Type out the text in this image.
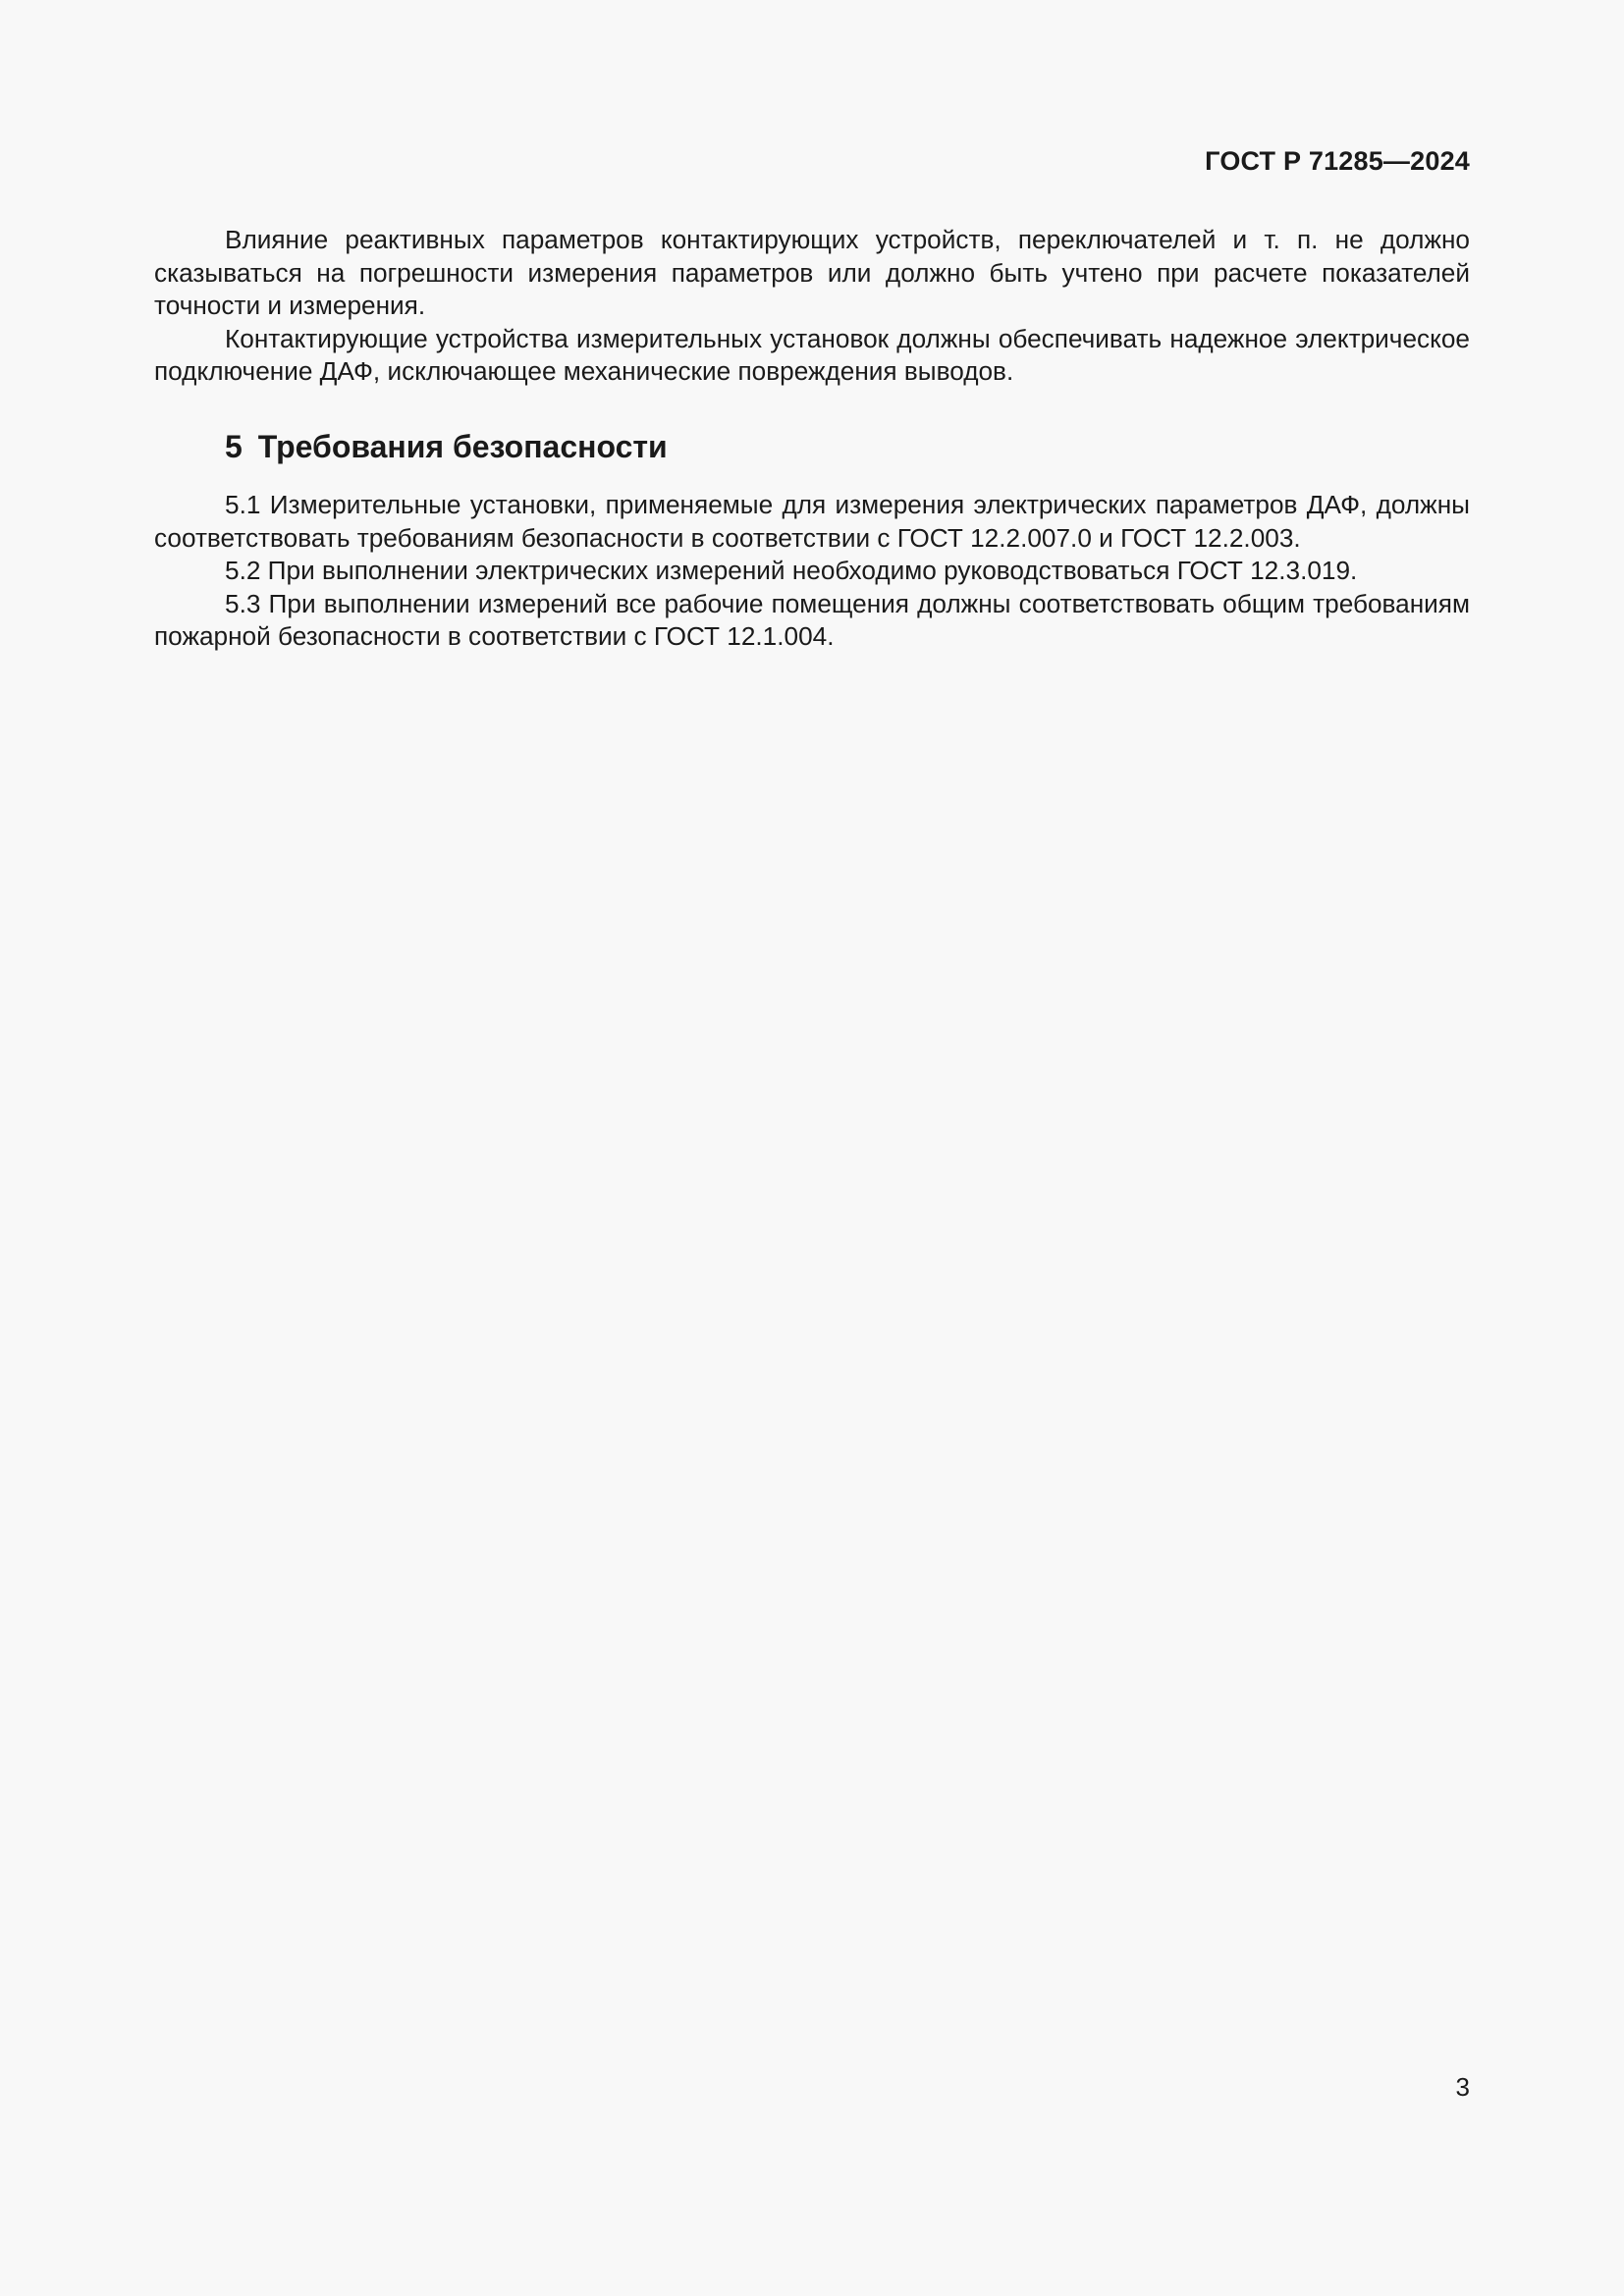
ГОСТ Р 71285—2024

Влияние реактивных параметров контактирующих устройств, переключателей и т. п. не должно сказываться на погрешности измерения параметров или должно быть учтено при расчете показателей точности и измерения.

Контактирующие устройства измерительных установок должны обеспечивать надежное электрическое подключение ДАФ, исключающее механические повреждения выводов.

5 Требования безопасности

5.1 Измерительные установки, применяемые для измерения электрических параметров ДАФ, должны соответствовать требованиям безопасности в соответствии с ГОСТ 12.2.007.0 и ГОСТ 12.2.003.

5.2 При выполнении электрических измерений необходимо руководствоваться ГОСТ 12.3.019.

5.3 При выполнении измерений все рабочие помещения должны соответствовать общим требованиям пожарной безопасности в соответствии с ГОСТ 12.1.004.

3
